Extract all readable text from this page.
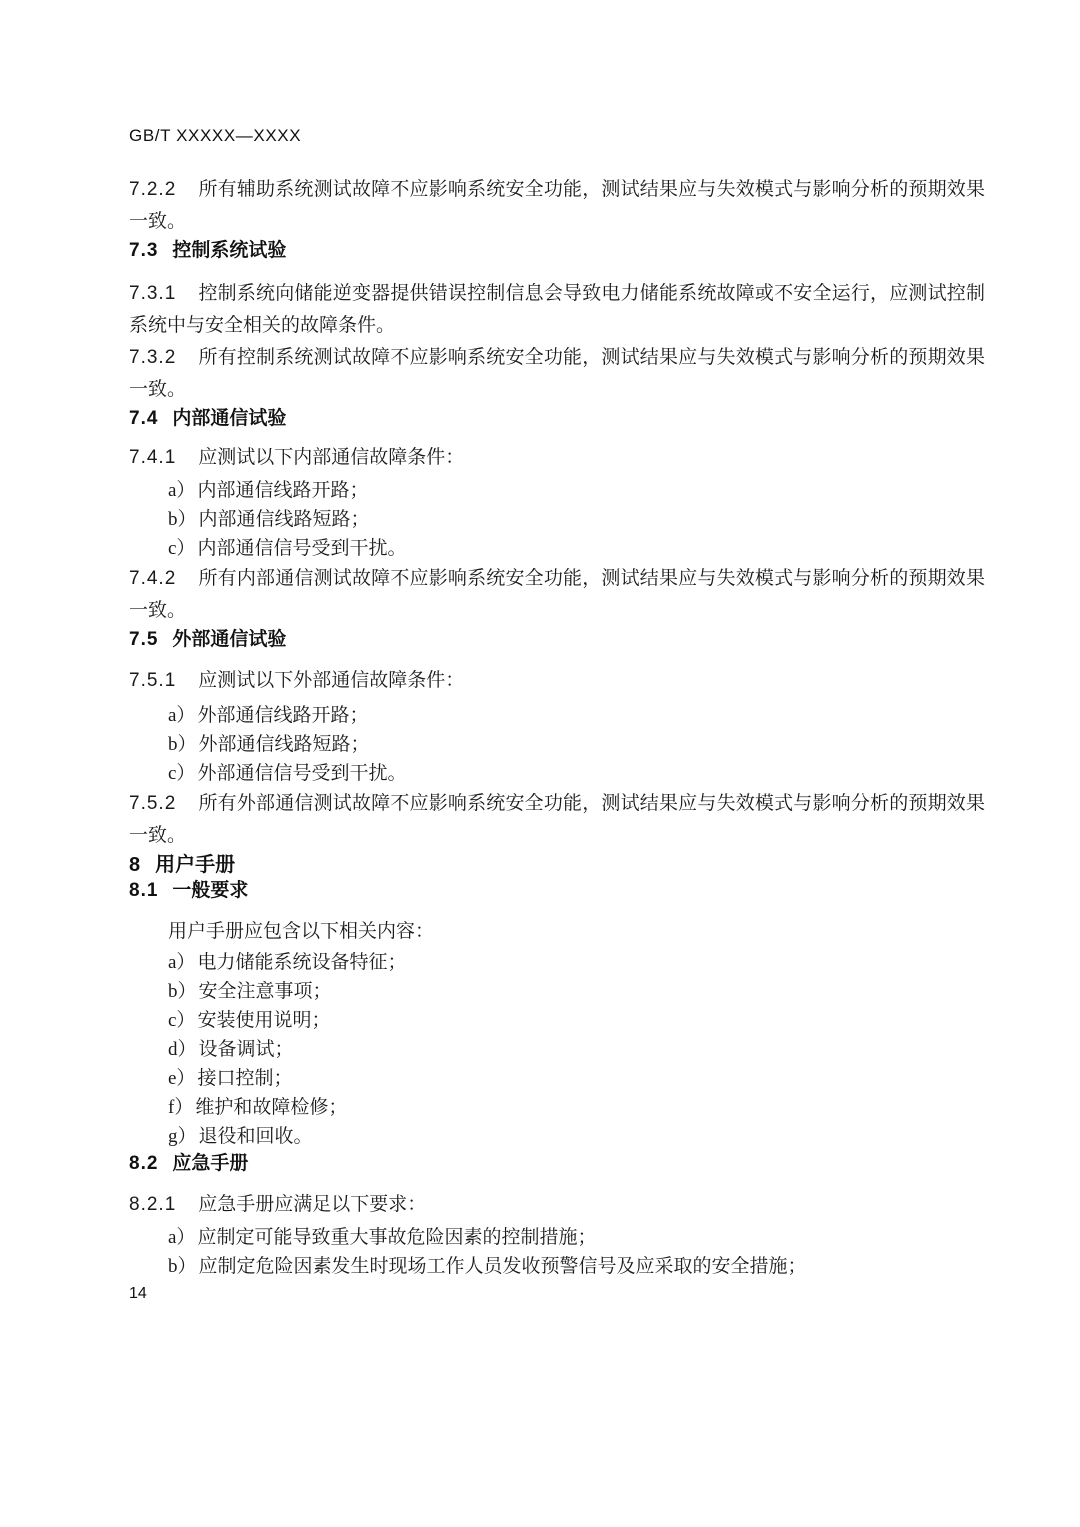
GB/T XXXXX—XXXX

7.2.2 所有辅助系统测试故障不应影响系统安全功能，测试结果应与失效模式与影响分析的预期效果一致。

7.3 控制系统试验

7.3.1 控制系统向储能逆变器提供错误控制信息会导致电力储能系统故障或不安全运行，应测试控制系统中与安全相关的故障条件。

7.3.2 所有控制系统测试故障不应影响系统安全功能，测试结果应与失效模式与影响分析的预期效果一致。

7.4 内部通信试验

7.4.1 应测试以下内部通信故障条件：

a） 内部通信线路开路；

b） 内部通信线路短路；

c） 内部通信信号受到干扰。

7.4.2 所有内部通信测试故障不应影响系统安全功能，测试结果应与失效模式与影响分析的预期效果一致。

7.5 外部通信试验

7.5.1 应测试以下外部通信故障条件：

a） 外部通信线路开路；

b） 外部通信线路短路；

c） 外部通信信号受到干扰。

7.5.2 所有外部通信测试故障不应影响系统安全功能，测试结果应与失效模式与影响分析的预期效果一致。

8 用户手册
8.1 一般要求

用户手册应包含以下相关内容：

a） 电力储能系统设备特征；

b） 安全注意事项；

c） 安装使用说明；

d） 设备调试；

e） 接口控制；

f） 维护和故障检修；

g） 退役和回收。

8.2 应急手册

8.2.1 应急手册应满足以下要求：

a） 应制定可能导致重大事故危险因素的控制措施；

b） 应制定危险因素发生时现场工作人员发收预警信号及应采取的安全措施；

14
